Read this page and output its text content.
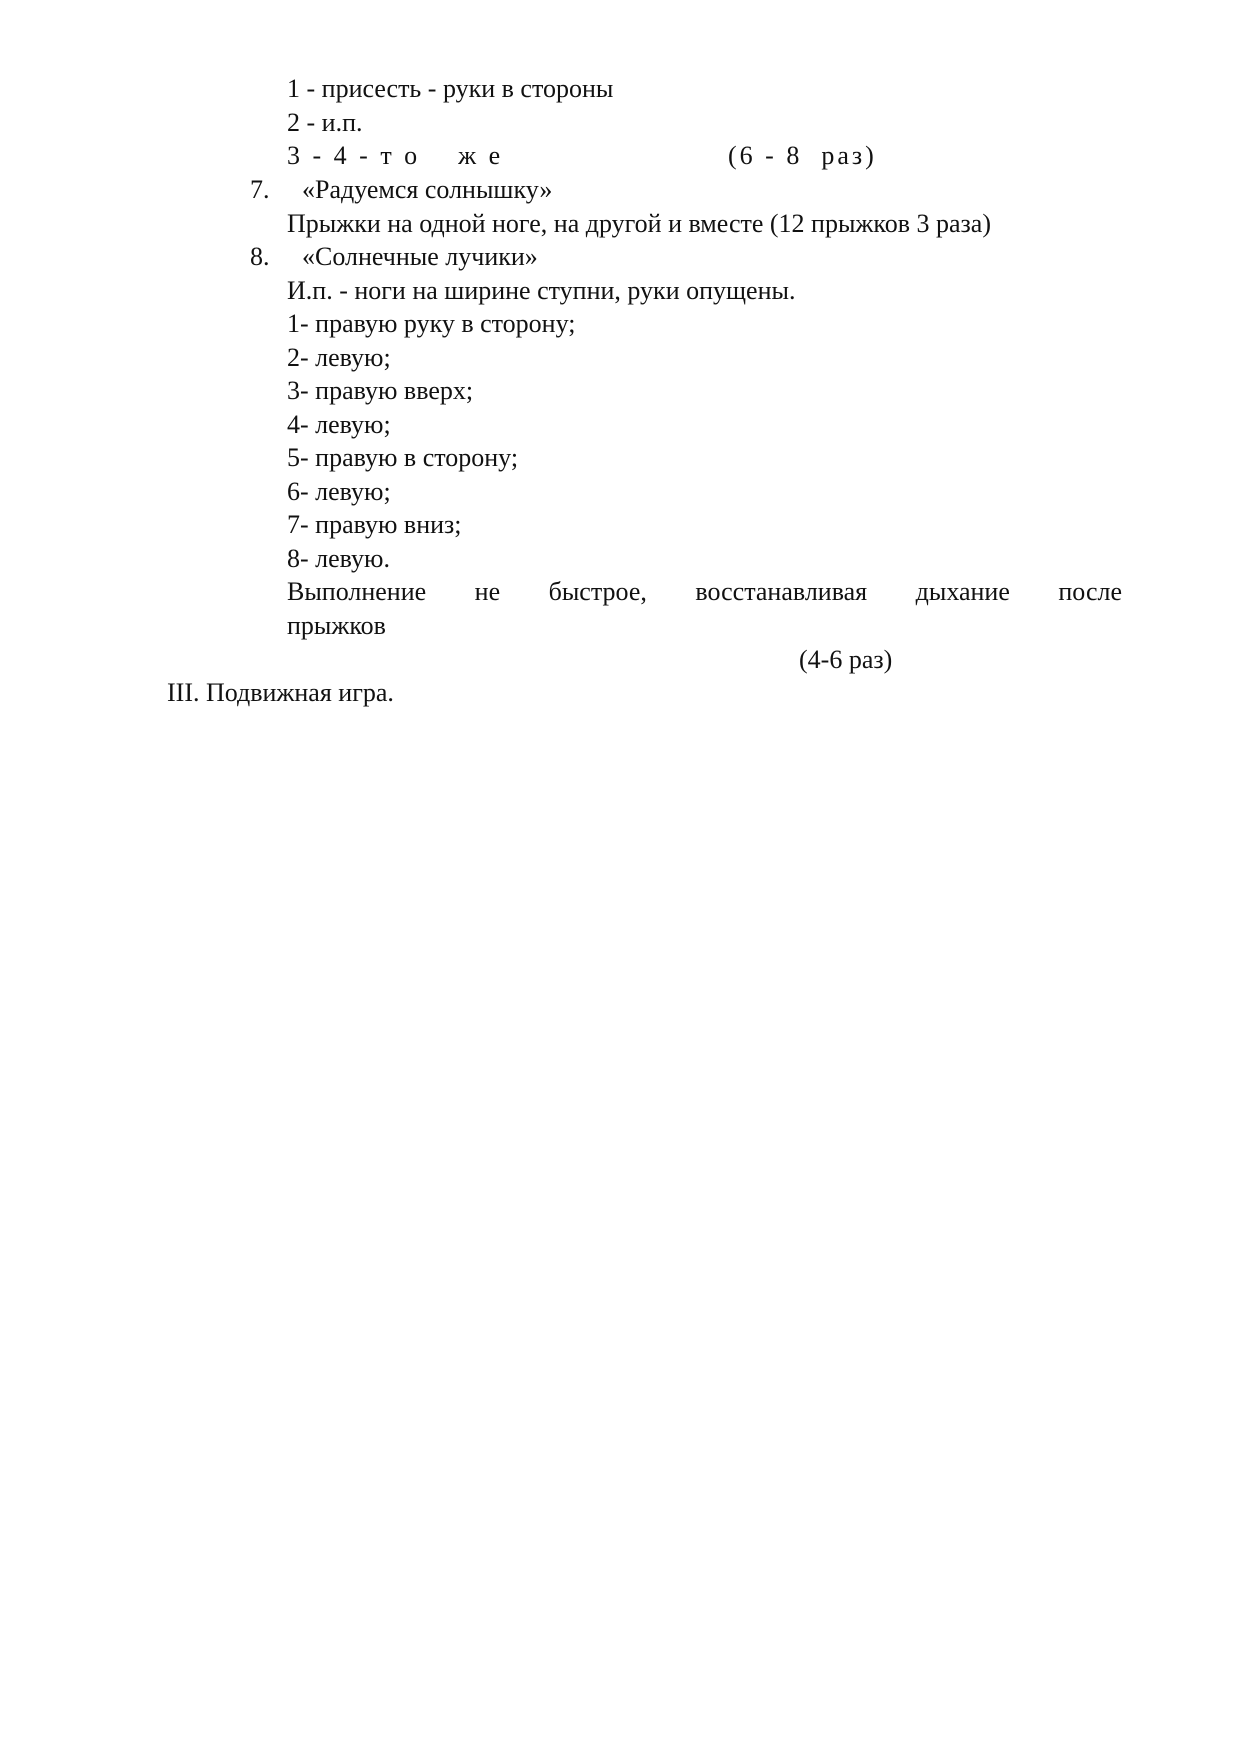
1 - присесть - руки в стороны
2 - и.п.
3 - 4 - т о    ж е	(6 - 8  раз)
7. «Радуемся солнышку»
Прыжки на одной ноге, на другой и вместе (12 прыжков 3 раза)
8. «Солнечные лучики»
И.п. - ноги на ширине ступни, руки опущены.
1- правую руку в сторону;
2- левую;
3- правую вверх;
4- левую;
5- правую в сторону;
6- левую;
7- правую вниз;
8- левую.
Выполнение не быстрое, восстанавливая дыхание после
прыжков
(4-6 раз)
III. Подвижная игра.
